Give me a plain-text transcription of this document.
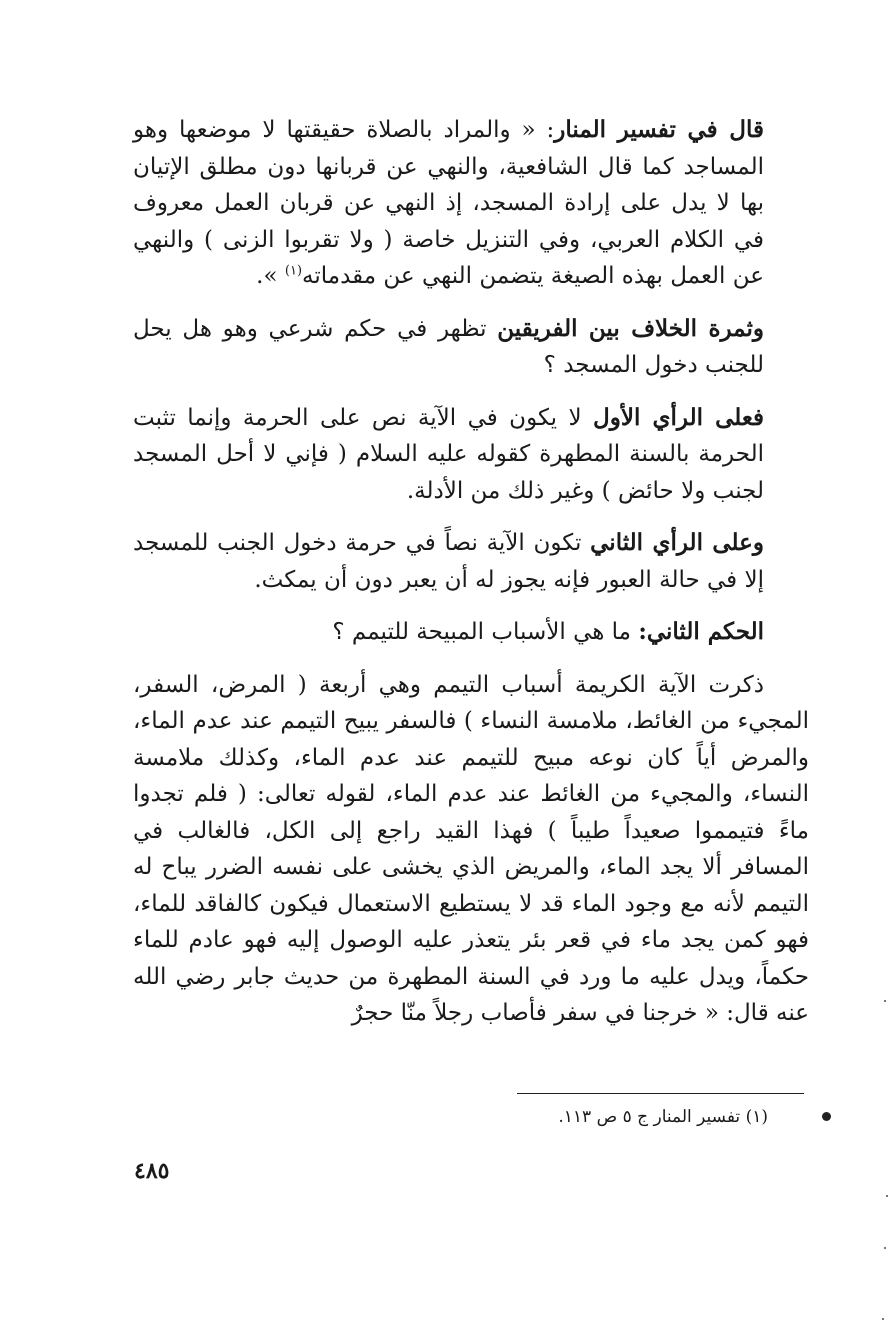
قال في تفسير المنار: « والمراد بالصلاة حقيقتها لا موضعها وهو المساجد كما قال الشافعية، والنهي عن قربانها دون مطلق الإتيان بها لا يدل على إرادة المسجد، إذ النهي عن قربان العمل معروف في الكلام العربي، وفي التنزيل خاصة ( ولا تقربوا الزنى ) والنهي عن العمل بهذه الصيغة يتضمن النهي عن مقدماته$^{(١)}$ ».

وثمرة الخلاف بين الفريقين تظهر في حكم شرعي وهو هل يحل للجنب دخول المسجد ؟

فعلى الرأي الأول لا يكون في الآية نص على الحرمة وإنما تثبت الحرمة بالسنة المطهرة كقوله عليه السلام ( فإني لا أحل المسجد لجنب ولا حائض ) وغير ذلك من الأدلة.

وعلى الرأي الثاني تكون الآية نصاً في حرمة دخول الجنب للمسجد إلا في حالة العبور فإنه يجوز له أن يعبر دون أن يمكث.

الحكم الثاني: ما هي الأسباب المبيحة للتيمم ؟

ذكرت الآية الكريمة أسباب التيمم وهي أربعة ( المرض، السفر، المجيء من الغائط، ملامسة النساء ) فالسفر يبيح التيمم عند عدم الماء، والمرض أياً كان نوعه مبيح للتيمم عند عدم الماء، وكذلك ملامسة النساء، والمجيء من الغائط عند عدم الماء، لقوله تعالى: ( فلم تجدوا ماءً فتيمموا صعيداً طيباً ) فهذا القيد راجع إلى الكل، فالغالب في المسافر ألا يجد الماء، والمريض الذي يخشى على نفسه الضرر يباح له التيمم لأنه مع وجود الماء قد لا يستطيع الاستعمال فيكون كالفاقد للماء، فهو كمن يجد ماء في قعر بئر يتعذر عليه الوصول إليه فهو عادم للماء حكماً، ويدل عليه ما ورد في السنة المطهرة من حديث جابر رضي الله عنه قال: « خرجنا في سفر فأصاب رجلاً منّا حجرٌ

(١) تفسير المنار ج ٥ ص ١١٣.
٤٨٥
